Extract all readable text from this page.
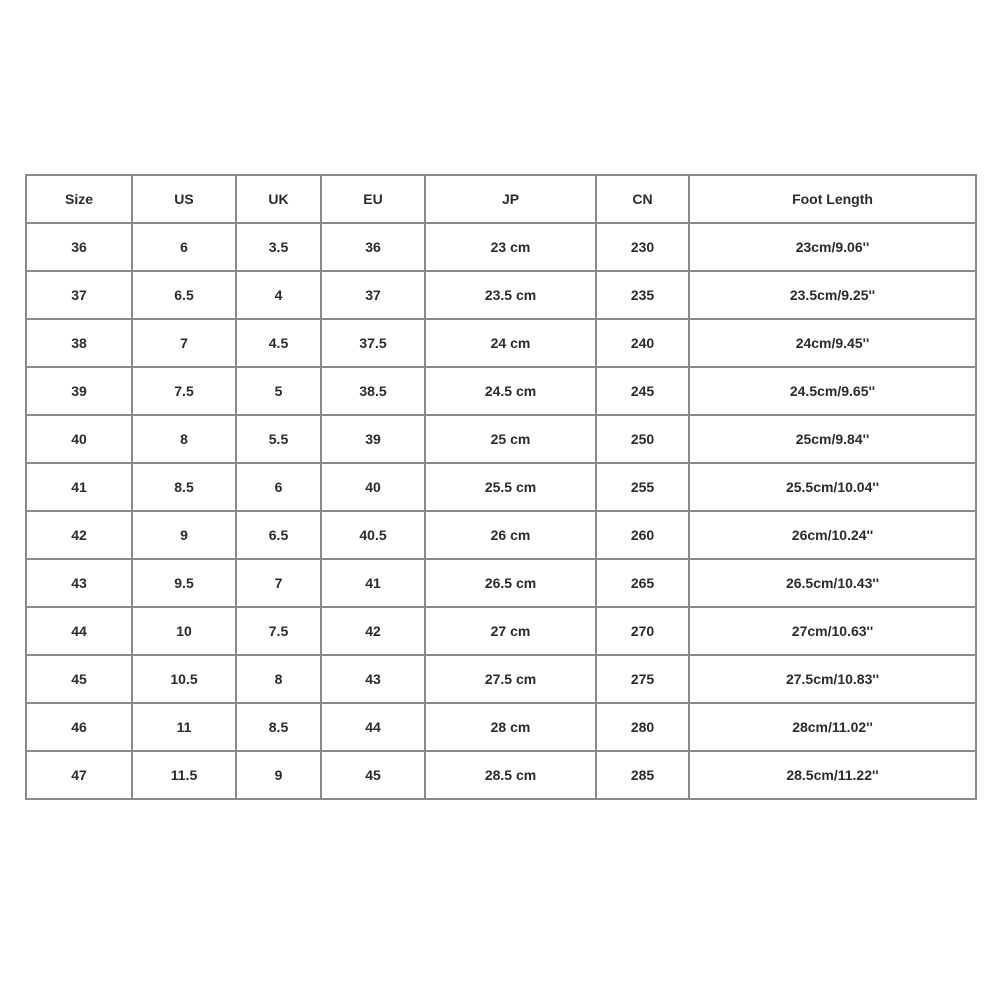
Size	US	UK	EU	JP	CN	Foot Length
36	6	3.5	36	23 cm	230	23cm/9.06''
37	6.5	4	37	23.5 cm	235	23.5cm/9.25''
38	7	4.5	37.5	24 cm	240	24cm/9.45''
39	7.5	5	38.5	24.5 cm	245	24.5cm/9.65''
40	8	5.5	39	25 cm	250	25cm/9.84''
41	8.5	6	40	25.5 cm	255	25.5cm/10.04''
42	9	6.5	40.5	26 cm	260	26cm/10.24''
43	9.5	7	41	26.5 cm	265	26.5cm/10.43''
44	10	7.5	42	27 cm	270	27cm/10.63''
45	10.5	8	43	27.5 cm	275	27.5cm/10.83''
46	11	8.5	44	28 cm	280	28cm/11.02''
47	11.5	9	45	28.5 cm	285	28.5cm/11.22''
